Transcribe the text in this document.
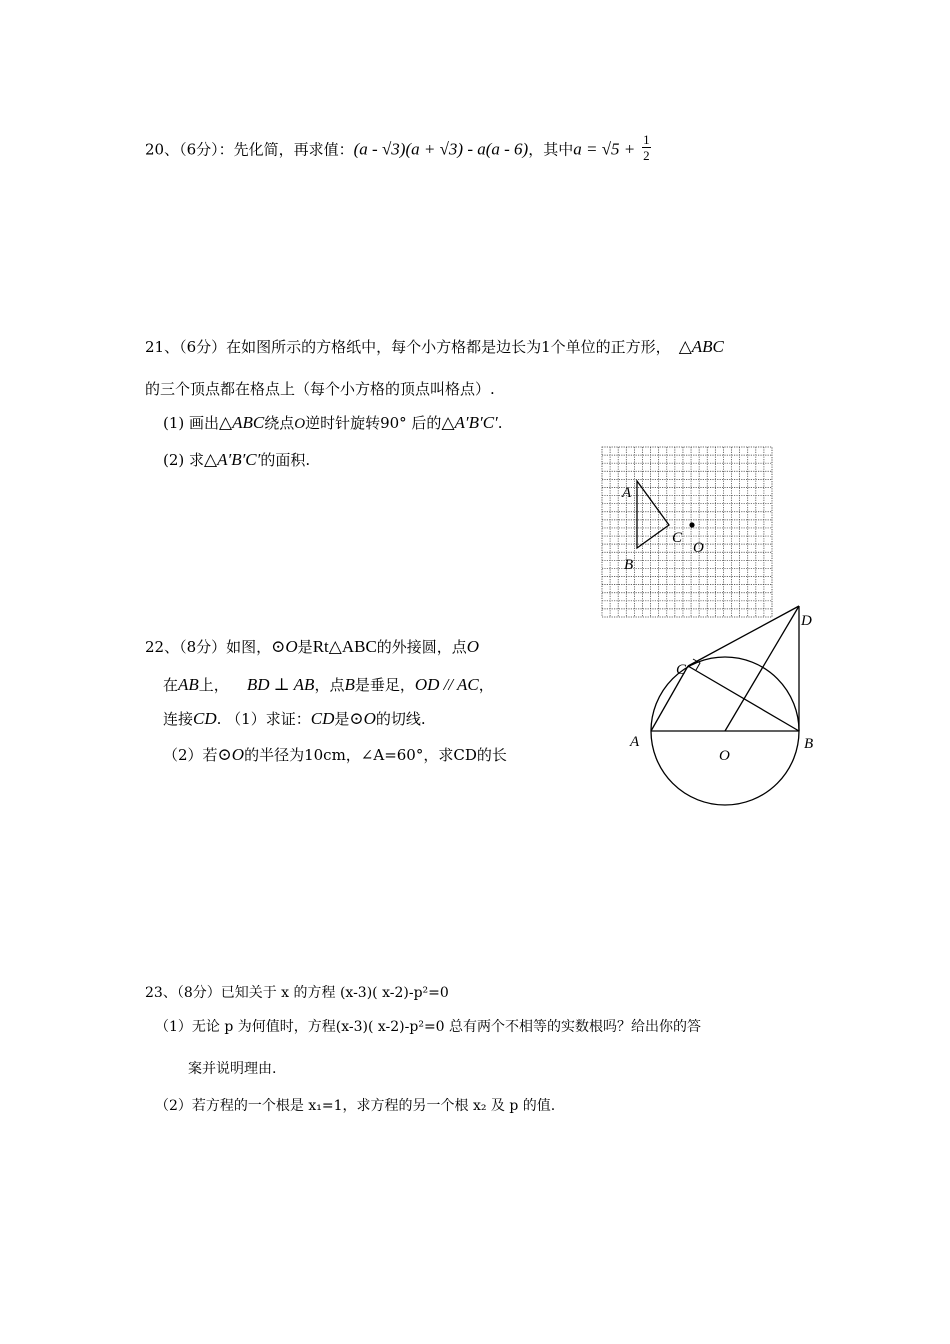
20、（6分）：先化简，再求值：(a - √3)(a + √3) - a(a - 6)，其中$a = √5 + \frac{1}{2}$
21、（6分）在如图所示的方格纸中，每个小方格都是边长为1个单位的正方形， △ABC
的三个顶点都在格点上（每个小方格的顶点叫格点）.
(1) 画出△ABC绕点O逆时针旋转90° 后的△A′B′C′.
(2) 求△A′B′C′的面积.
A
B
C
O
22、（8分）如图，⊙O是Rt△ABC的外接圆，点O
在AB上， BD ⊥ AB，点B是垂足，OD // AC，
连接CD. （1）求证：CD是⊙O的切线.
（2）若⊙O的半径为10cm，∠A=60°，求CD的长
A	B
C
D
O
23、（8分）已知关于 x 的方程 (x-3)( x-2)-p²=0
（1）无论 p 为何值时，方程(x-3)( x-2)-p²=0 总有两个不相等的实数根吗？给出你的答
案并说明理由.
（2）若方程的一个根是 x₁=1，求方程的另一个根 x₂ 及 p 的值.
